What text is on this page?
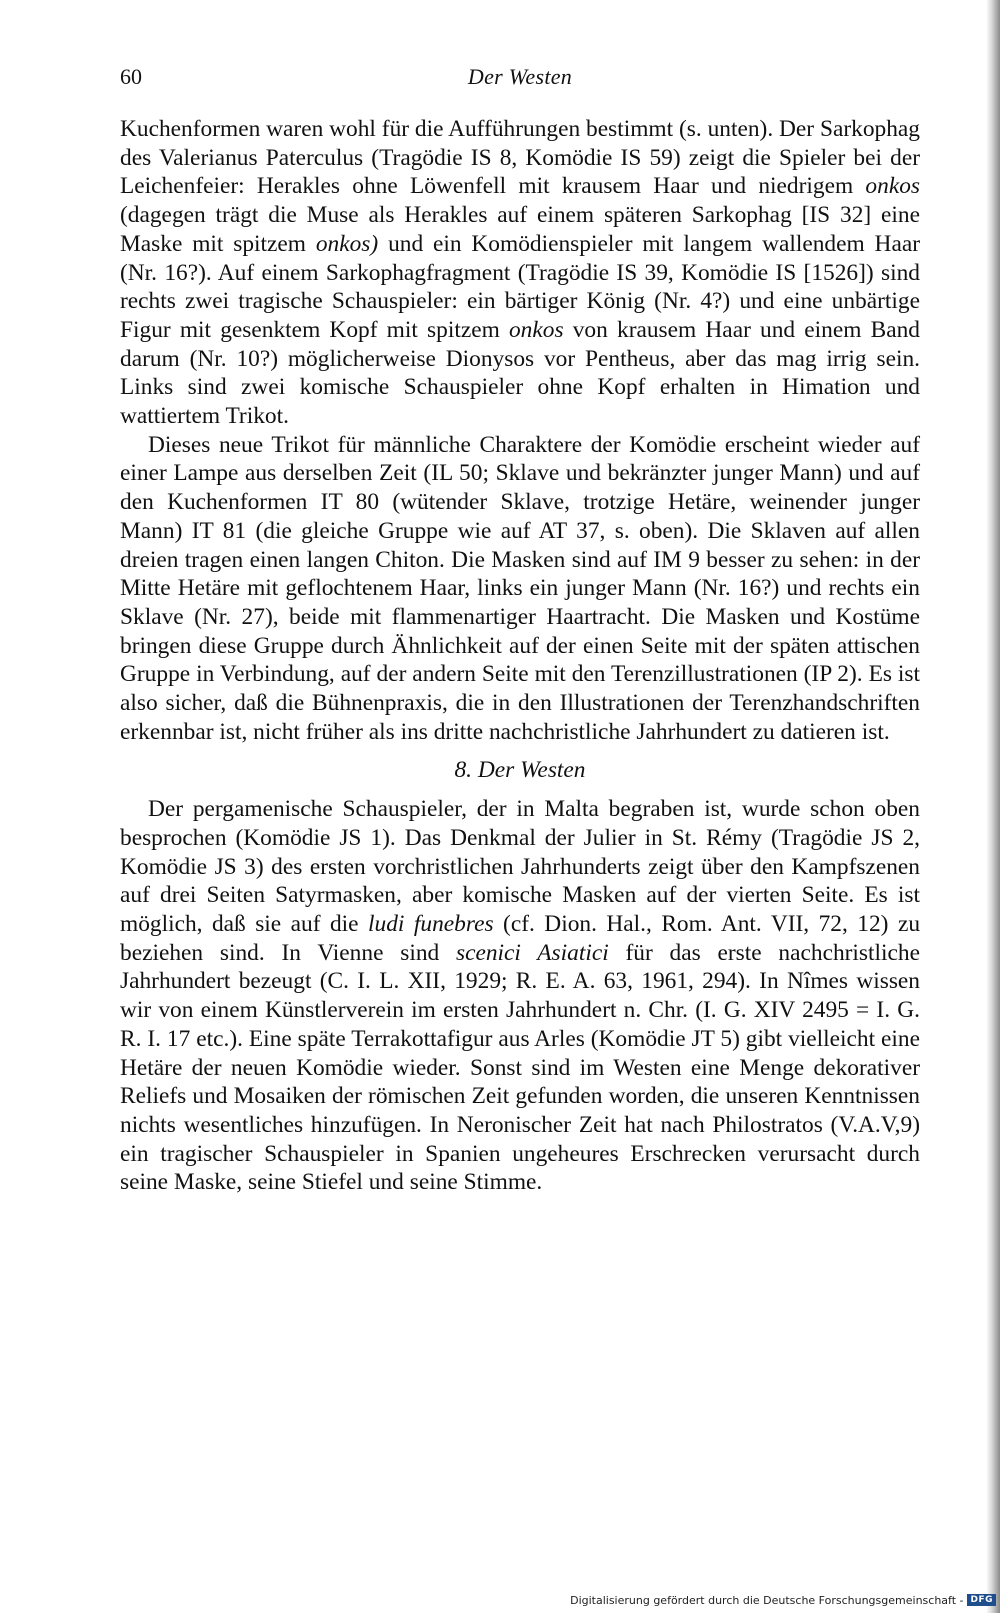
60	Der Westen

Kuchenformen waren wohl für die Aufführungen bestimmt (s. unten). Der Sarkophag des Valerianus Paterculus (Tragödie IS 8, Komödie IS 59) zeigt die Spieler bei der Leichenfeier: Herakles ohne Löwenfell mit krausem Haar und niedrigem onkos (dagegen trägt die Muse als Herakles auf einem späteren Sarkophag [IS 32] eine Maske mit spitzem onkos) und ein Komödienspieler mit langem wallendem Haar (Nr. 16?). Auf einem Sarkophagfragment (Tragödie IS 39, Komödie IS [1526]) sind rechts zwei tragische Schauspieler: ein bärtiger König (Nr. 4?) und eine unbärtige Figur mit gesenktem Kopf mit spitzem onkos von krausem Haar und einem Band darum (Nr. 10?) möglicherweise Dionysos vor Pentheus, aber das mag irrig sein. Links sind zwei komische Schauspieler ohne Kopf erhalten in Himation und wattiertem Trikot.

Dieses neue Trikot für männliche Charaktere der Komödie erscheint wieder auf einer Lampe aus derselben Zeit (IL 50; Sklave und bekränzter junger Mann) und auf den Kuchenformen IT 80 (wütender Sklave, trotzige Hetäre, weinender junger Mann) IT 81 (die gleiche Gruppe wie auf AT 37, s. oben). Die Sklaven auf allen dreien tragen einen langen Chiton. Die Masken sind auf IM 9 besser zu sehen: in der Mitte Hetäre mit geflochtenem Haar, links ein junger Mann (Nr. 16?) und rechts ein Sklave (Nr. 27), beide mit flammenartiger Haartracht. Die Masken und Kostüme bringen diese Gruppe durch Ähnlichkeit auf der einen Seite mit der späten attischen Gruppe in Verbindung, auf der andern Seite mit den Terenzillustrationen (IP 2). Es ist also sicher, daß die Bühnenpraxis, die in den Illustrationen der Terenzhandschriften erkennbar ist, nicht früher als ins dritte nachchristliche Jahrhundert zu datieren ist.

8. Der Westen

Der pergamenische Schauspieler, der in Malta begraben ist, wurde schon oben besprochen (Komödie JS 1). Das Denkmal der Julier in St. Rémy (Tragödie JS 2, Komödie JS 3) des ersten vorchristlichen Jahrhunderts zeigt über den Kampfszenen auf drei Seiten Satyrmasken, aber komische Masken auf der vierten Seite. Es ist möglich, daß sie auf die ludi funebres (cf. Dion. Hal., Rom. Ant. VII, 72, 12) zu beziehen sind. In Vienne sind scenici Asiatici für das erste nachchristliche Jahrhundert bezeugt (C. I. L. XII, 1929; R. E. A. 63, 1961, 294). In Nîmes wissen wir von einem Künstlerverein im ersten Jahrhundert n. Chr. (I. G. XIV 2495 = I. G. R. I. 17 etc.). Eine späte Terrakottafigur aus Arles (Komödie JT 5) gibt vielleicht eine Hetäre der neuen Komödie wieder. Sonst sind im Westen eine Menge dekorativer Reliefs und Mosaiken der römischen Zeit gefunden worden, die unseren Kenntnissen nichts wesentliches hinzufügen. In Neronischer Zeit hat nach Philostratos (V.A.V,9) ein tragischer Schauspieler in Spanien ungeheures Erschrecken verursacht durch seine Maske, seine Stiefel und seine Stimme.

Digitalisierung gefördert durch die Deutsche Forschungsgemeinschaft - DFG
